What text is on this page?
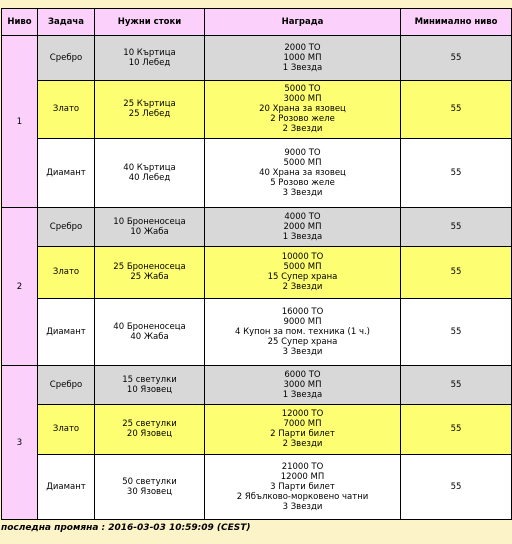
Ниво	Задача	Нужни стоки	Награда	Минимално ниво
1	Сребро	10 Къртица
10 Лебед	2000 ТО
1000 МП
1 Звезда	55
	Злато	25 Къртица
25 Лебед	5000 ТО
3000 МП
20 Храна за язовец
2 Розово желе
2 Звезди	55
	Диамант	40 Къртица
40 Лебед	9000 ТО
5000 МП
40 Храна за язовец
5 Розово желе
3 Звезди	55
2	Сребро	10 Броненосеца
10 Жаба	4000 ТО
2000 МП
1 Звезда	55
	Злато	25 Броненосеца
25 Жаба	10000 ТО
5000 МП
15 Супер храна
2 Звезди	55
	Диамант	40 Броненосеца
40 Жаба	16000 ТО
9000 МП
4 Купон за пом. техника (1 ч.)
25 Супер храна
3 Звезди	55
3	Сребро	15 светулки
10 Язовец	6000 ТО
3000 МП
1 Звезда	55
	Злато	25 светулки
20 Язовец	12000 ТО
7000 МП
2 Парти билет
2 Звезди	55
	Диамант	50 светулки
30 Язовец	21000 ТО
12000 МП
3 Парти билет
2 Ябълково-морковено чатни
3 Звезди	55
последна промяна : 2016-03-03 10:59:09 (CEST)
